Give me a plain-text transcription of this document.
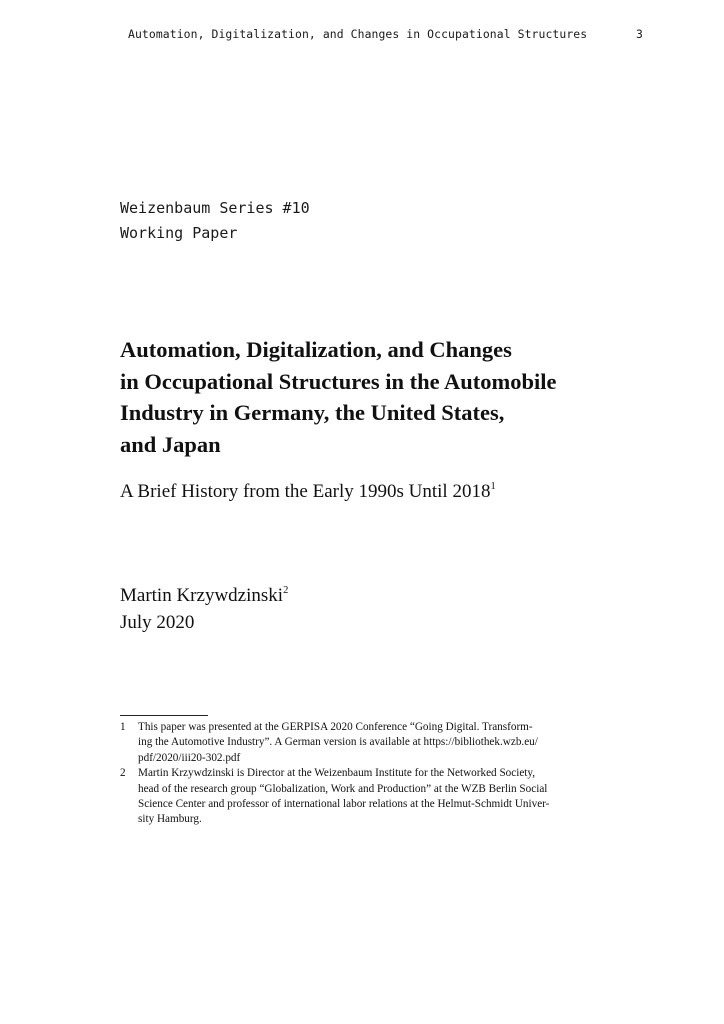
Automation, Digitalization, and Changes in Occupational Structures	3
Weizenbaum Series #10
Working Paper
Automation, Digitalization, and Changes
in Occupational Structures in the Automobile
Industry in Germany, the United States,
and Japan
A Brief History from the Early 1990s Until 2018$^1$
Martin Krzywdzinski$^2$
July 2020
1 This paper was presented at the GERPISA 2020 Conference “Going Digital. Transform-
ing the Automotive Industry”. A German version is available at https://bibliothek.wzb.eu/
pdf/2020/iii20-302.pdf
2 Martin Krzywdzinski is Director at the Weizenbaum Institute for the Networked Society,
head of the research group “Globalization, Work and Production” at the WZB Berlin Social
Science Center and professor of international labor relations at the Helmut-Schmidt Univer-
sity Hamburg.
